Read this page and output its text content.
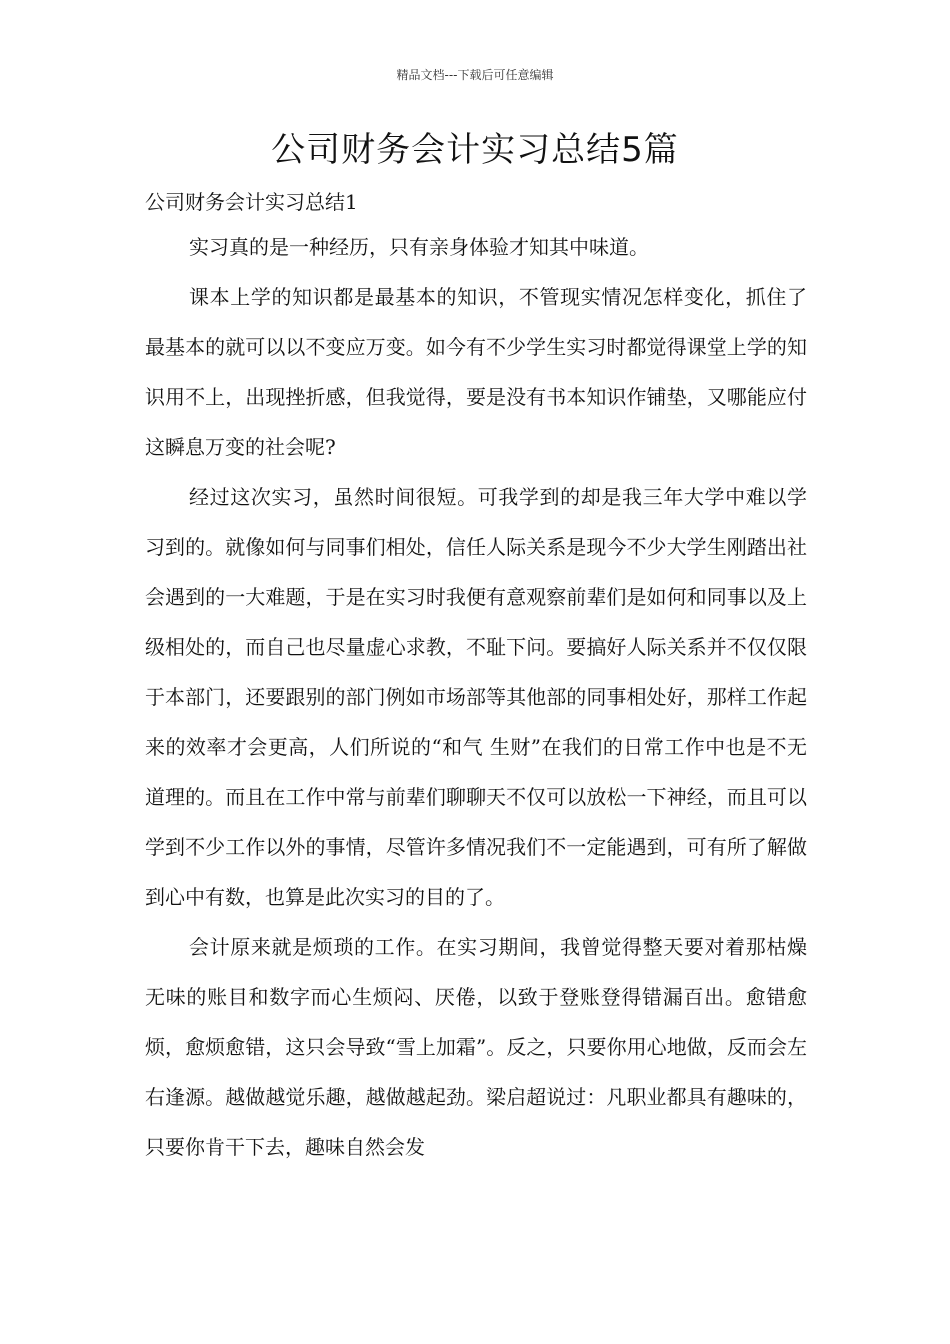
精品文档---下载后可任意编辑
公司财务会计实习总结5篇

公司财务会计实习总结1

实习真的是一种经历，只有亲身体验才知其中味道。

课本上学的知识都是最基本的知识，不管现实情况怎样变化，抓住了最基本的就可以以不变应万变。如今有不少学生实习时都觉得课堂上学的知识用不上，出现挫折感，但我觉得，要是没有书本知识作铺垫，又哪能应付这瞬息万变的社会呢?

经过这次实习，虽然时间很短。可我学到的却是我三年大学中难以学习到的。就像如何与同事们相处，信任人际关系是现今不少大学生刚踏出社会遇到的一大难题，于是在实习时我便有意观察前辈们是如何和同事以及上级相处的，而自己也尽量虚心求教，不耻下问。要搞好人际关系并不仅仅限于本部门，还要跟别的部门例如市场部等其他部的同事相处好，那样工作起来的效率才会更高，人们所说的“和气 生财”在我们的日常工作中也是不无道理的。而且在工作中常与前辈们聊聊天不仅可以放松一下神经，而且可以学到不少工作以外的事情，尽管许多情况我们不一定能遇到，可有所了解做到心中有数，也算是此次实习的目的了。

会计原来就是烦琐的工作。在实习期间，我曾觉得整天要对着那枯燥无味的账目和数字而心生烦闷、厌倦，以致于登账登得错漏百出。愈错愈烦，愈烦愈错，这只会导致“雪上加霜”。反之，只要你用心地做，反而会左右逢源。越做越觉乐趣，越做越起劲。梁启超说过：凡职业都具有趣味的，只要你肯干下去，趣味自然会发
